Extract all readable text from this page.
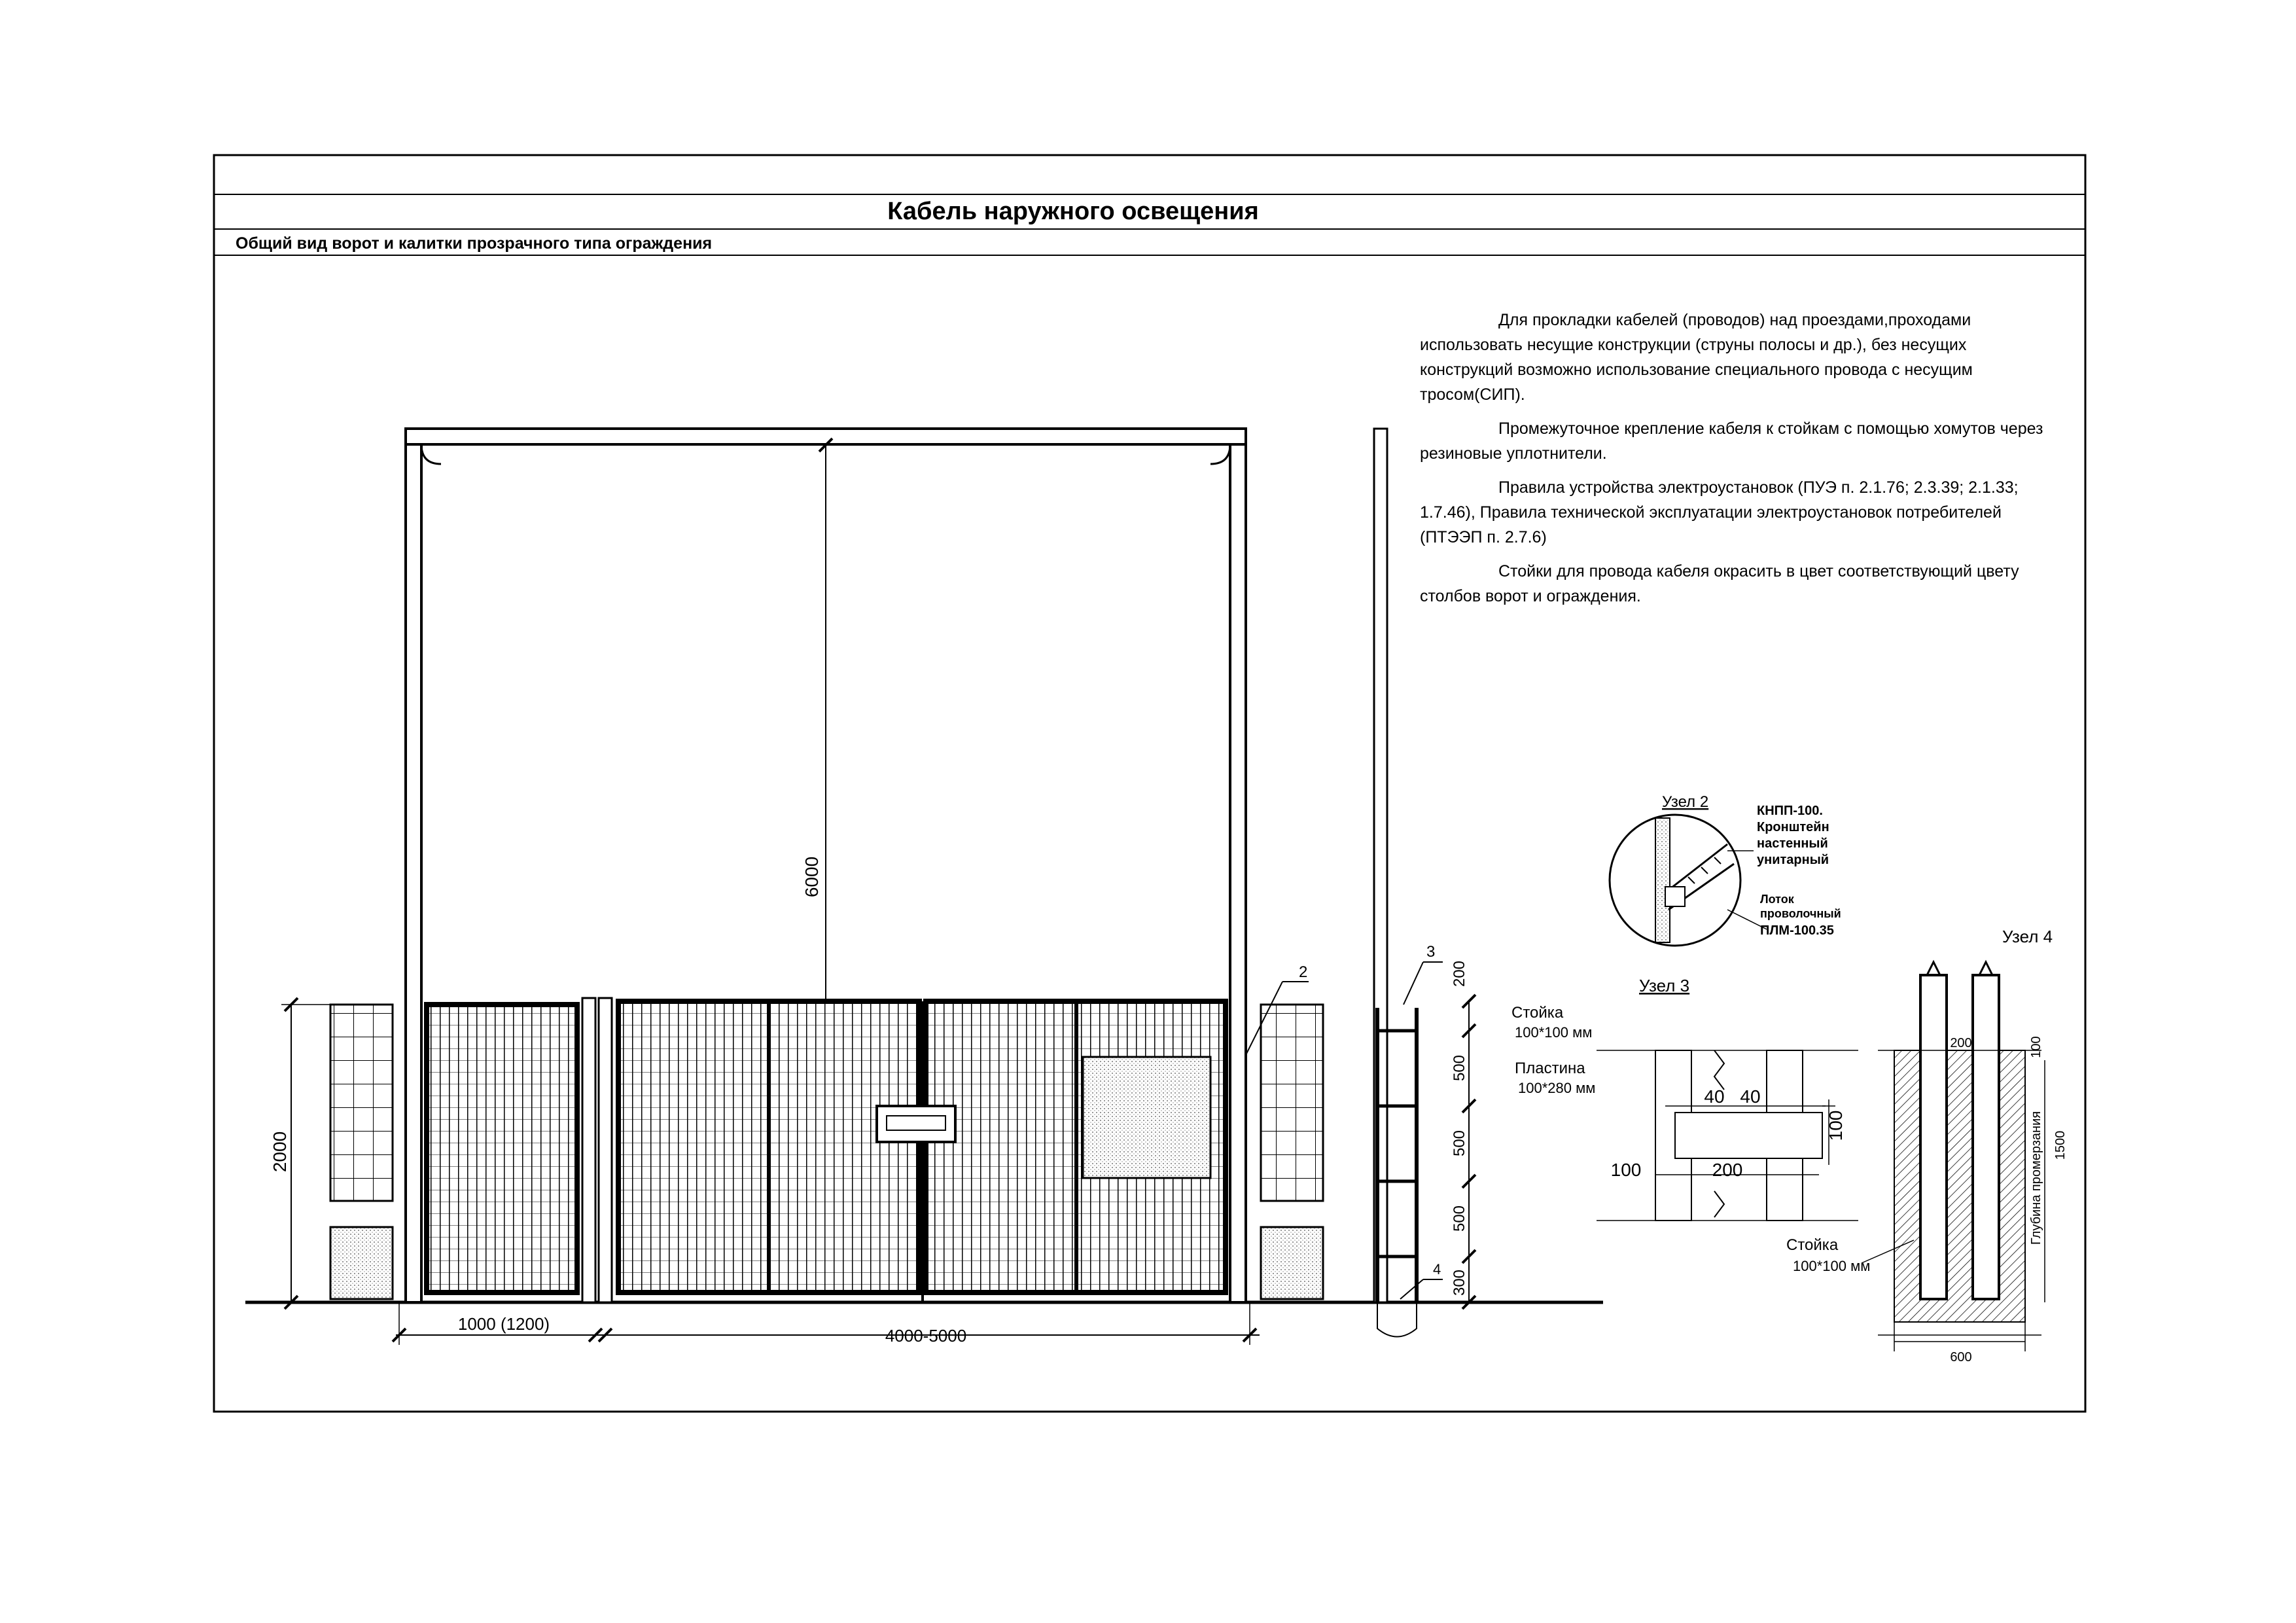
Кабель наружного освещения
Общий вид ворот и калитки прозрачного типа ограждения
6000
2
2000
1000 (1200)
4000-5000
3
4
200
500
500
500
300
Узел 2	КНПП-100.
Кронштейн
настенный
унитарный
Лоток
проволочный
ПЛМ-100.35
Узел 3
Стойка
100*100 мм
Пластина
100*280 мм	40 40
100
100	200
Узел 4
200	100
Глубина промерзания 1500
600
Стойка
100*100 мм

Для прокладки кабелей (проводов) над проездами,проходами использовать несущие конструкции (струны полосы и др.), без несущих конструкций возможно использование специального провода с несущим тросом(СИП).

Промежуточное крепление кабеля к стойкам с помощью хомутов через резиновые уплотнители.

Правила устройства электроустановок (ПУЭ п. 2.1.76; 2.3.39; 2.1.33; 1.7.46), Правила технической эксплуатации электроустановок потребителей (ПТЭЭП п. 2.7.6)

Стойки для провода кабеля окрасить в цвет соответствующий цвету столбов ворот и ограждения.
